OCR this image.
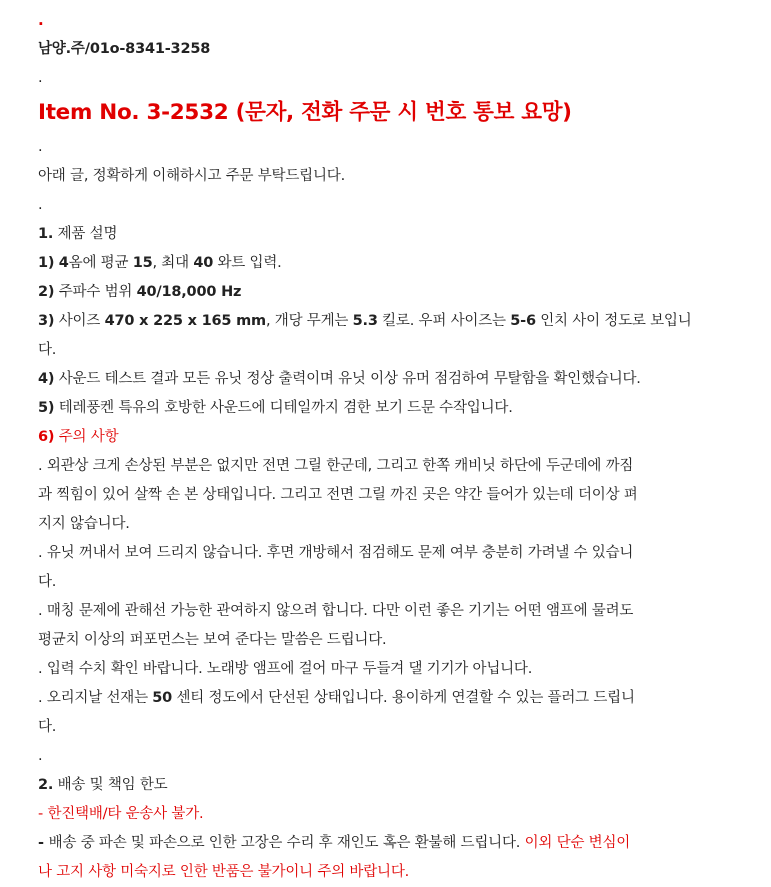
.
남양.주/01o-8341-3258
.
Item No. 3-2532 (문자, 전화 주문 시 번호 통보 요망)
.
아래 글, 정확하게 이해하시고 주문 부탁드립니다.
.
1. 제품 설명
1) 4옴에 평균 15, 최대 40 와트 입력.
2) 주파수 범위 40/18,000 Hz
3) 사이즈 470 x 225 x 165 mm, 개당 무게는 5.3 킬로. 우퍼 사이즈는 5-6 인치 사이 정도로 보입니
다.
4) 사운드 테스트 결과 모든 유닛 정상 출력이며 유닛 이상 유머 점검하여 무탈함을 확인했습니다.
5) 테레풍켄 특유의 호방한 사운드에 디테일까지 겸한 보기 드문 수작입니다.
6) 주의 사항
. 외관상 크게 손상된 부분은 없지만 전면 그릴 한군데, 그리고 한쪽 캐비닛 하단에 두군데에 까짐
과 찍힘이 있어 살짝 손 본 상태입니다. 그리고 전면 그릴 까진 곳은 약간 들어가 있는데 더이상 펴
지지 않습니다.
. 유닛 꺼내서 보여 드리지 않습니다. 후면 개방해서 점검해도 문제 여부 충분히 가려낼 수 있습니
다.
. 매칭 문제에 관해선 가능한 관여하지 않으려 합니다. 다만 이런 좋은 기기는 어떤 앰프에 물려도
평균치 이상의 퍼포먼스는 보여 준다는 말씀은 드립니다.
. 입력 수치 확인 바랍니다. 노래방 앰프에 걸어 마구 두들겨 댈 기기가 아닙니다.
. 오리지날 선재는 50 센티 정도에서 단선된 상태입니다. 용이하게 연결할 수 있는 플러그 드립니
다.
.
2. 배송 및 책임 한도
- 한진택배/타 운송사 불가.
- 배송 중 파손 및 파손으로 인한 고장은 수리 후 재인도 혹은 환불해 드립니다. 이외 단순 변심이
나 고지 사항 미숙지로 인한 반품은 불가이니 주의 바랍니다.
